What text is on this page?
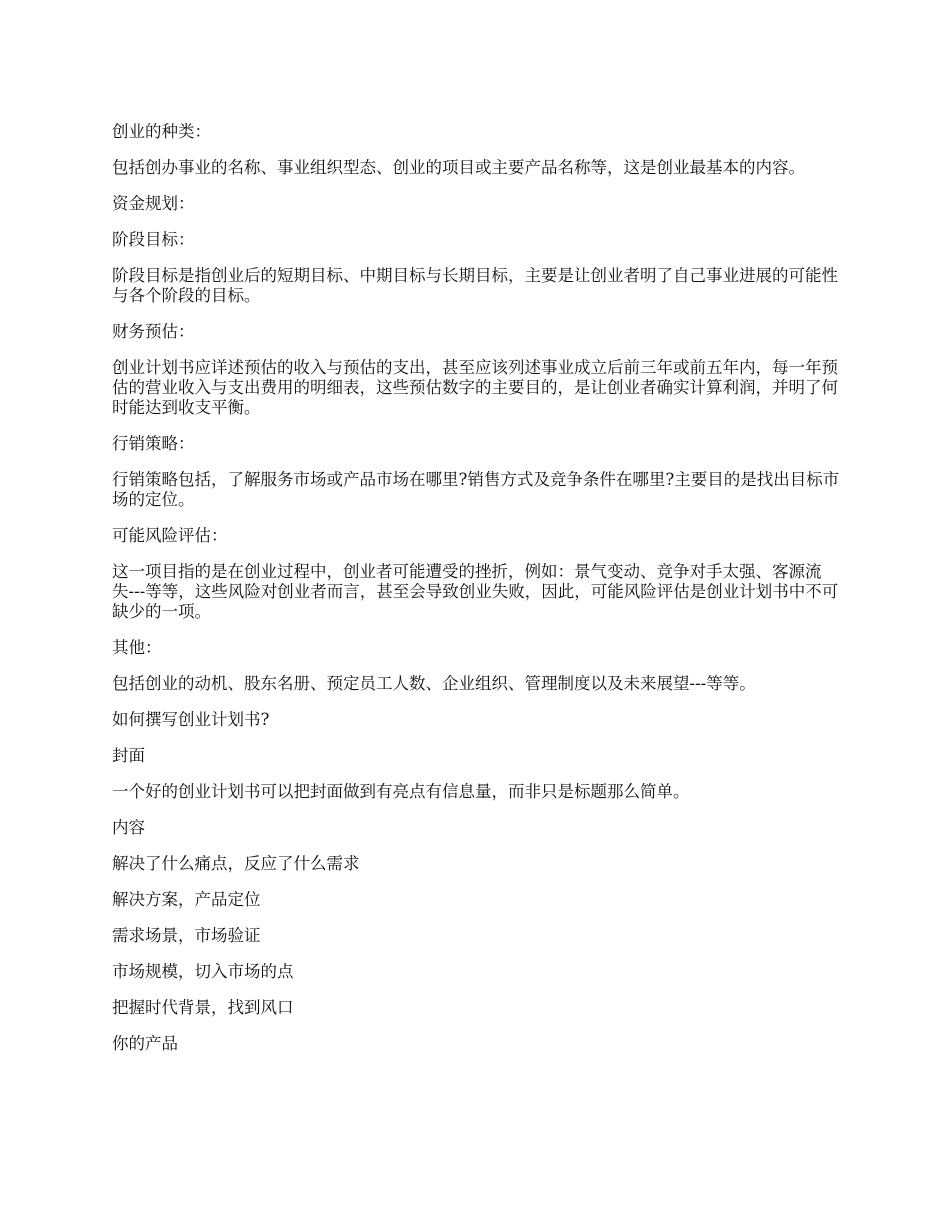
创业的种类：

包括创办事业的名称、事业组织型态、创业的项目或主要产品名称等，这是创业最基本的内容。

资金规划：

阶段目标：

阶段目标是指创业后的短期目标、中期目标与长期目标，主要是让创业者明了自己事业进展的可能性与各个阶段的目标。

财务预估：

创业计划书应详述预估的收入与预估的支出，甚至应该列述事业成立后前三年或前五年内，每一年预估的营业收入与支出费用的明细表，这些预估数字的主要目的，是让创业者确实计算利润，并明了何时能达到收支平衡。

行销策略：

行销策略包括，了解服务市场或产品市场在哪里?销售方式及竞争条件在哪里?主要目的是找出目标市场的定位。

可能风险评估：

这一项目指的是在创业过程中，创业者可能遭受的挫折，例如：景气变动、竞争对手太强、客源流失---等等，这些风险对创业者而言，甚至会导致创业失败，因此，可能风险评估是创业计划书中不可缺少的一项。

其他：

包括创业的动机、股东名册、预定员工人数、企业组织、管理制度以及未来展望---等等。

如何撰写创业计划书?

封面

一个好的创业计划书可以把封面做到有亮点有信息量，而非只是标题那么简单。

内容

解决了什么痛点，反应了什么需求

解决方案，产品定位

需求场景，市场验证

市场规模，切入市场的点

把握时代背景，找到风口

你的产品
